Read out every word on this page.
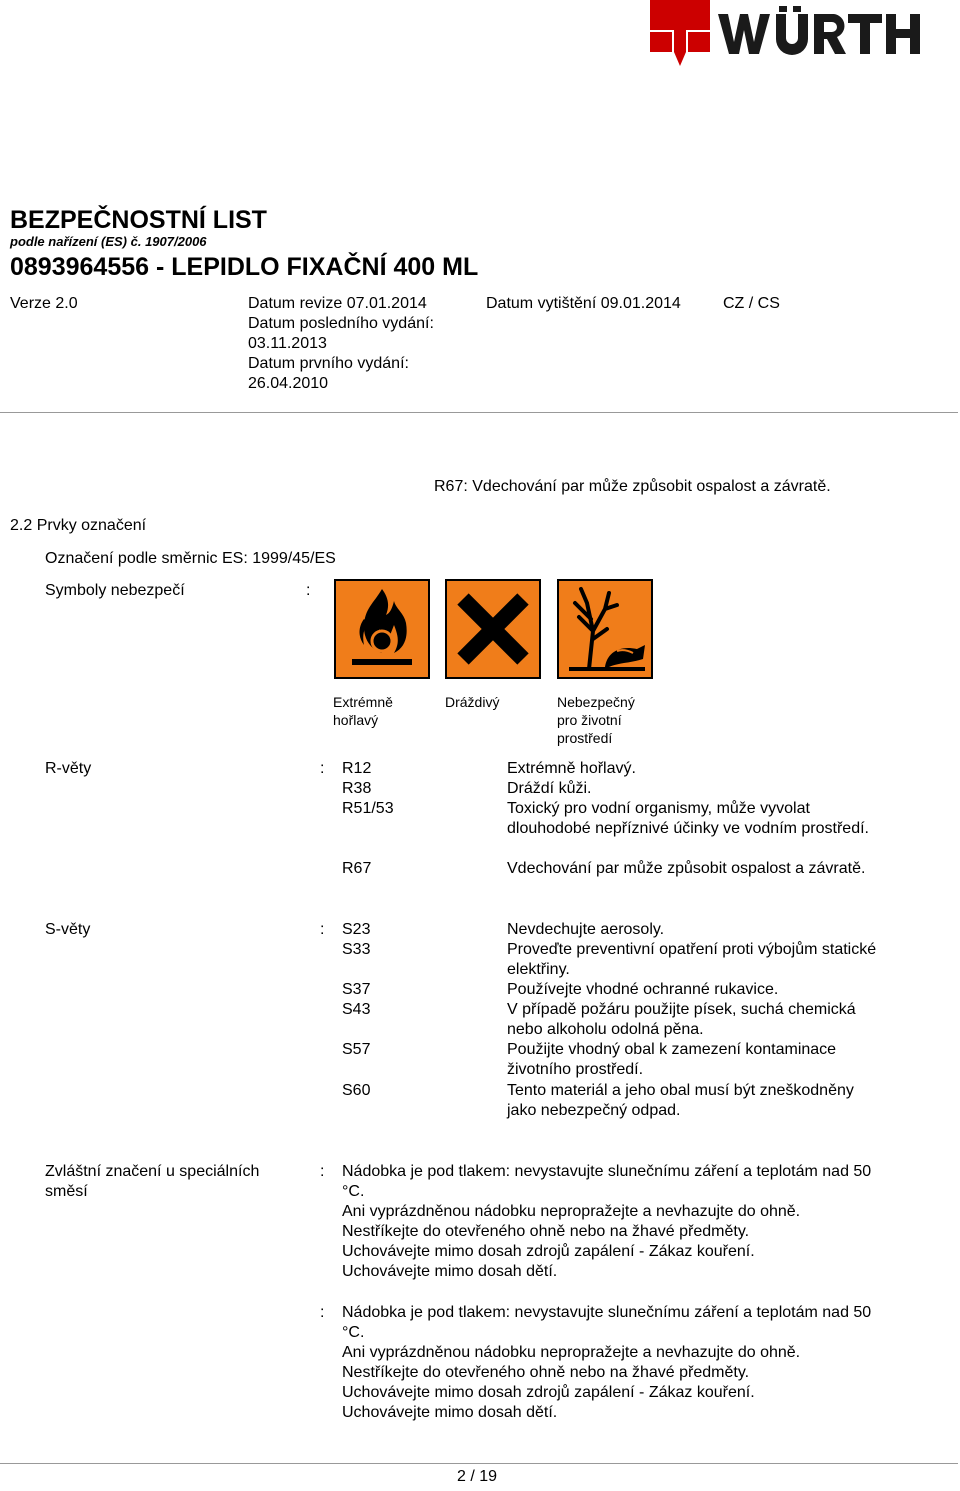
BEZPEČNOSTNÍ LIST
podle nařízení (ES) č. 1907/2006
0893964556 - LEPIDLO FIXAČNÍ 400 ML
Verze 2.0	Datum revize 07.01.2014
Datum posledního vydání:
03.11.2013
Datum prvního vydání:
26.04.2010
Datum vytištění 09.01.2014	CZ / CS
R67: Vdechování par může způsobit ospalost a závratě.
2.2 Prvky označení
Označení podle směrnic ES: 1999/45/ES
Symboly nebezpečí	:
Extrémně hořlavý
Dráždivý	Nebezpečný pro životní prostředí
R-věty	: R12	Extrémně hořlavý.
R38	Dráždí kůži.
R51/53	Toxický pro vodní organismy, může vyvolat dlouhodobé nepříznivé účinky ve vodním prostředí.
R67	Vdechování par může způsobit ospalost a závratě.
S-věty	: S23	Nevdechujte aerosoly.
S33	Proveďte preventivní opatření proti výbojům statické elektřiny.
S37	Používejte vhodné ochranné rukavice.
S43	V případě požáru použijte písek, suchá chemická nebo alkoholu odolná pěna.
S57	Použijte vhodný obal k zamezení kontaminace životního prostředí.
S60	Tento materiál a jeho obal musí být zneškodněny jako nebezpečný odpad.
Zvláštní značení u speciálních směsí
: Nádobka je pod tlakem: nevystavujte slunečnímu záření a teplotám nad 50 °C.
Ani vyprázdněnou nádobku nepropražejte a nevhazujte do ohně.
Nestříkejte do otevřeného ohně nebo na žhavé předměty.
Uchovávejte mimo dosah zdrojů zapálení - Zákaz kouření.
Uchovávejte mimo dosah dětí.
: Nádobka je pod tlakem: nevystavujte slunečnímu záření a teplotám nad 50 °C.
Ani vyprázdněnou nádobku nepropražejte a nevhazujte do ohně.
Nestříkejte do otevřeného ohně nebo na žhavé předměty.
Uchovávejte mimo dosah zdrojů zapálení - Zákaz kouření.
Uchovávejte mimo dosah dětí.
2 / 19
